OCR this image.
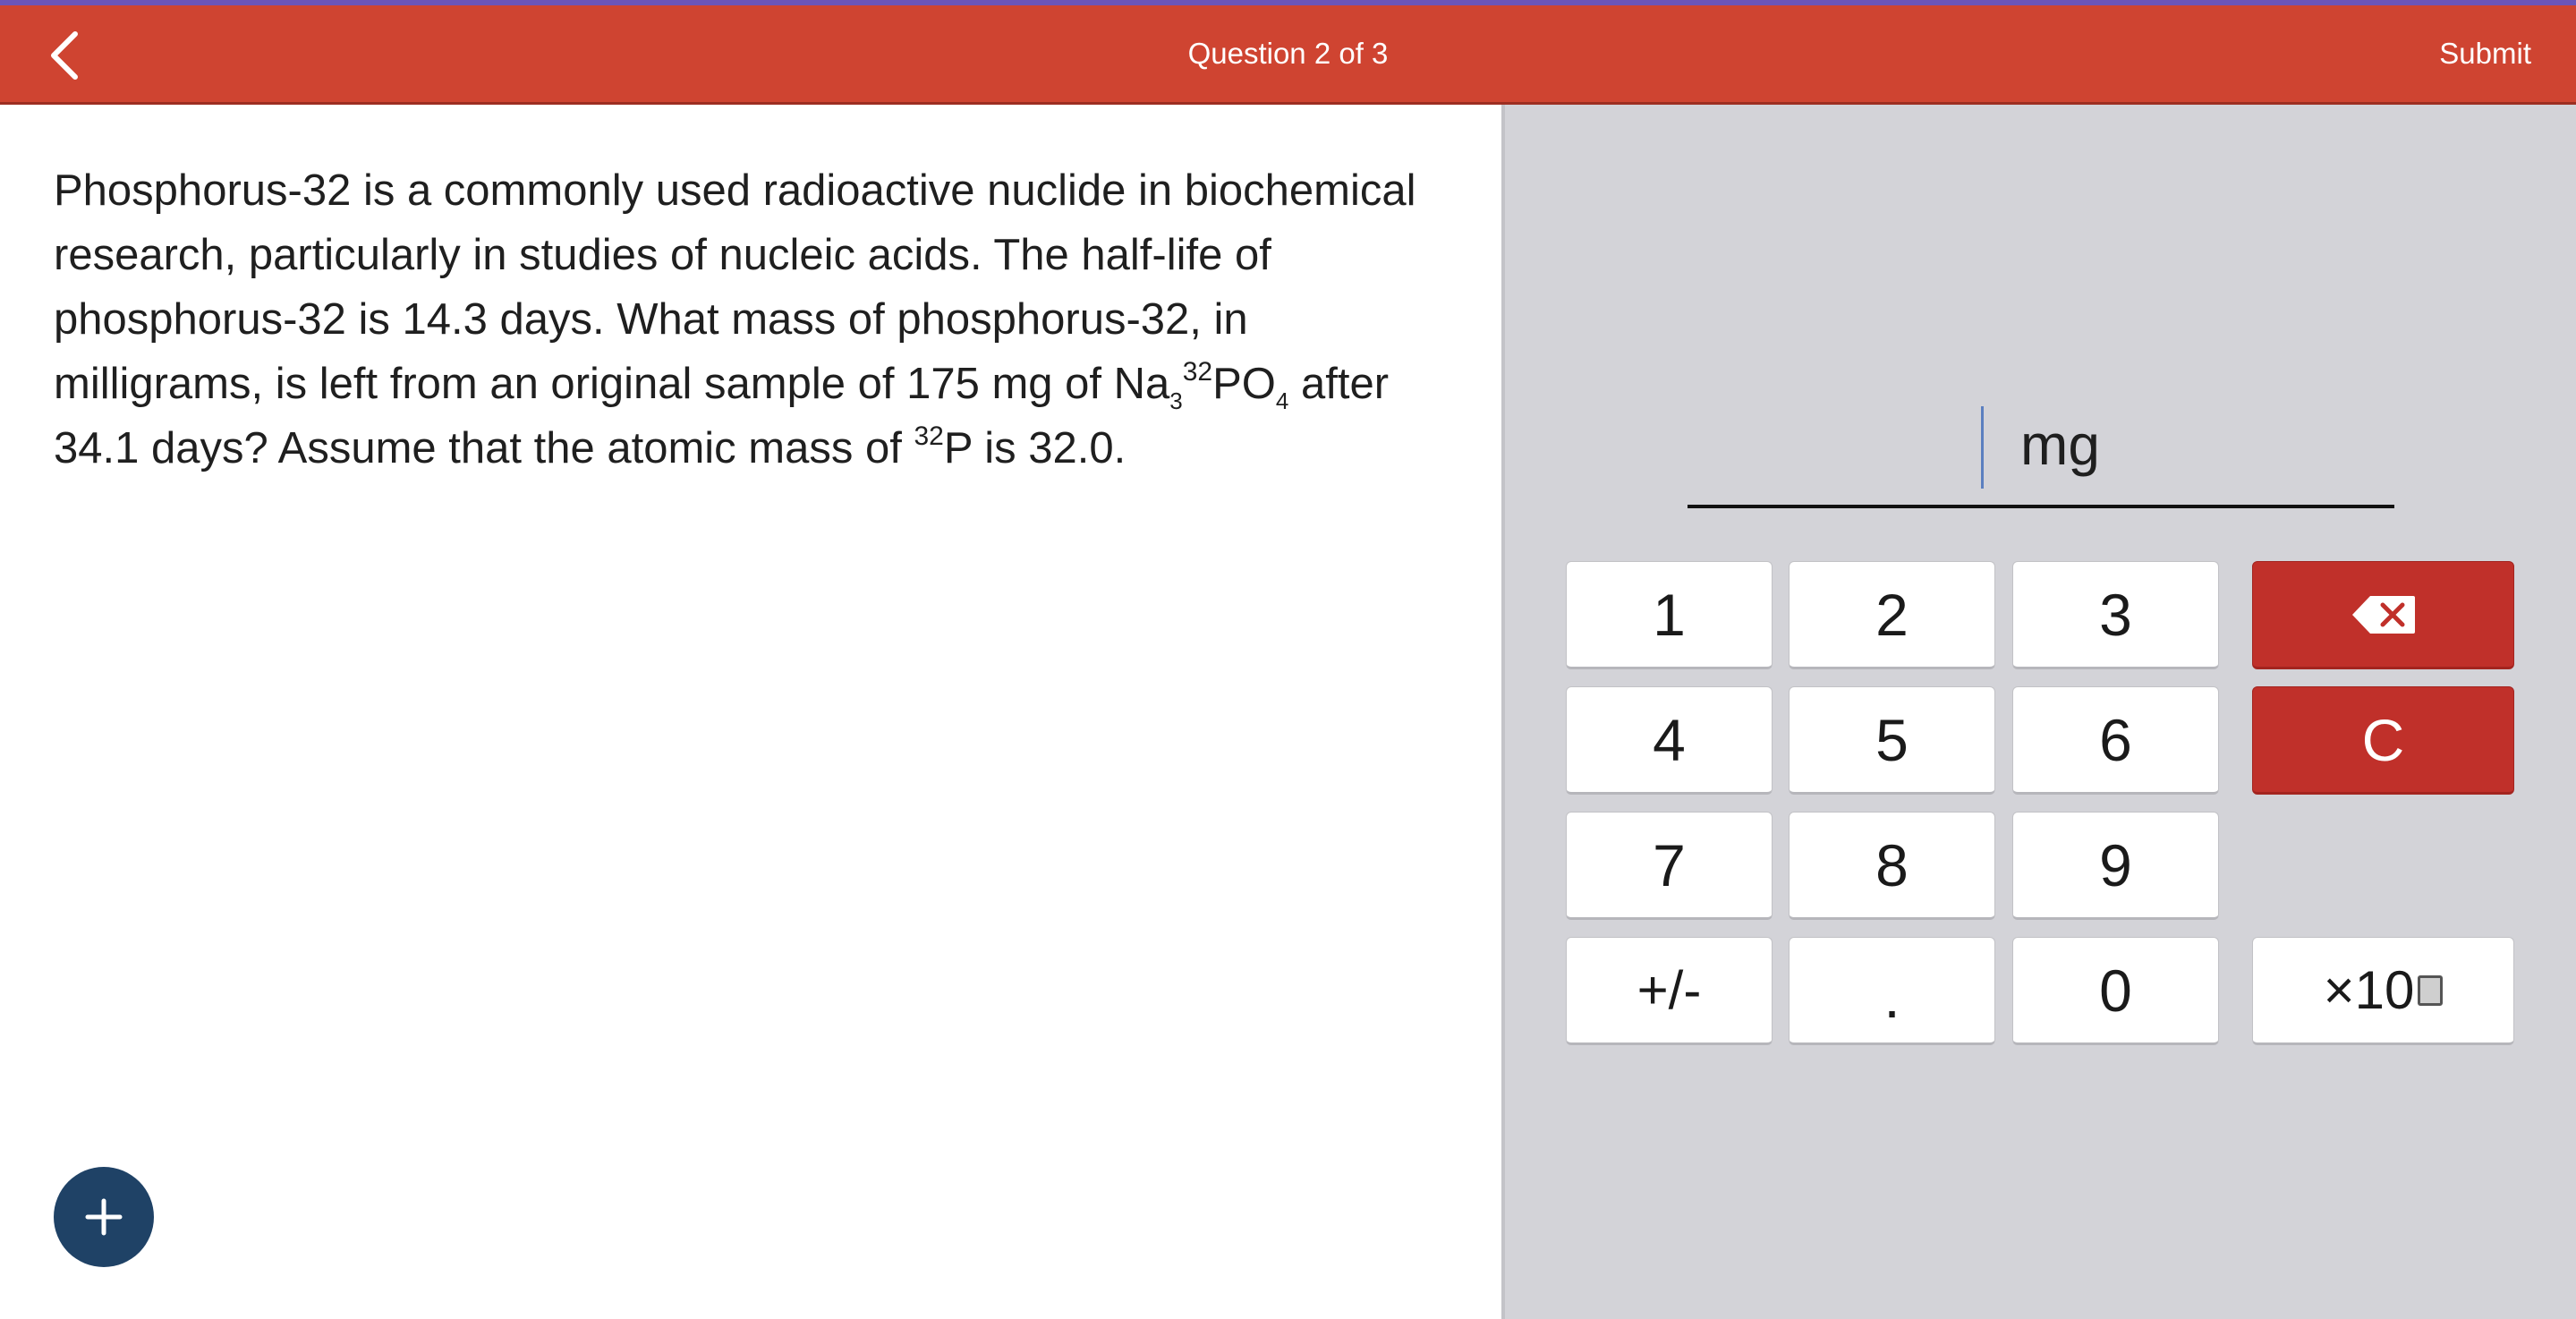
Question 2 of 3	Submit
Phosphorus-32 is a commonly used radioactive nuclide in biochemical research, particularly in studies of nucleic acids. The half-life of phosphorus-32 is 14.3 days. What mass of phosphorus-32, in milligrams, is left from an original sample of 175 mg of $Na_3^{32}PO_4$ after 34.1 days? Assume that the atomic mass of $^{32}$P is 32.0.	mg
1	2	3
4	5	6	C
7	8	9
+/-	.	0	×10
